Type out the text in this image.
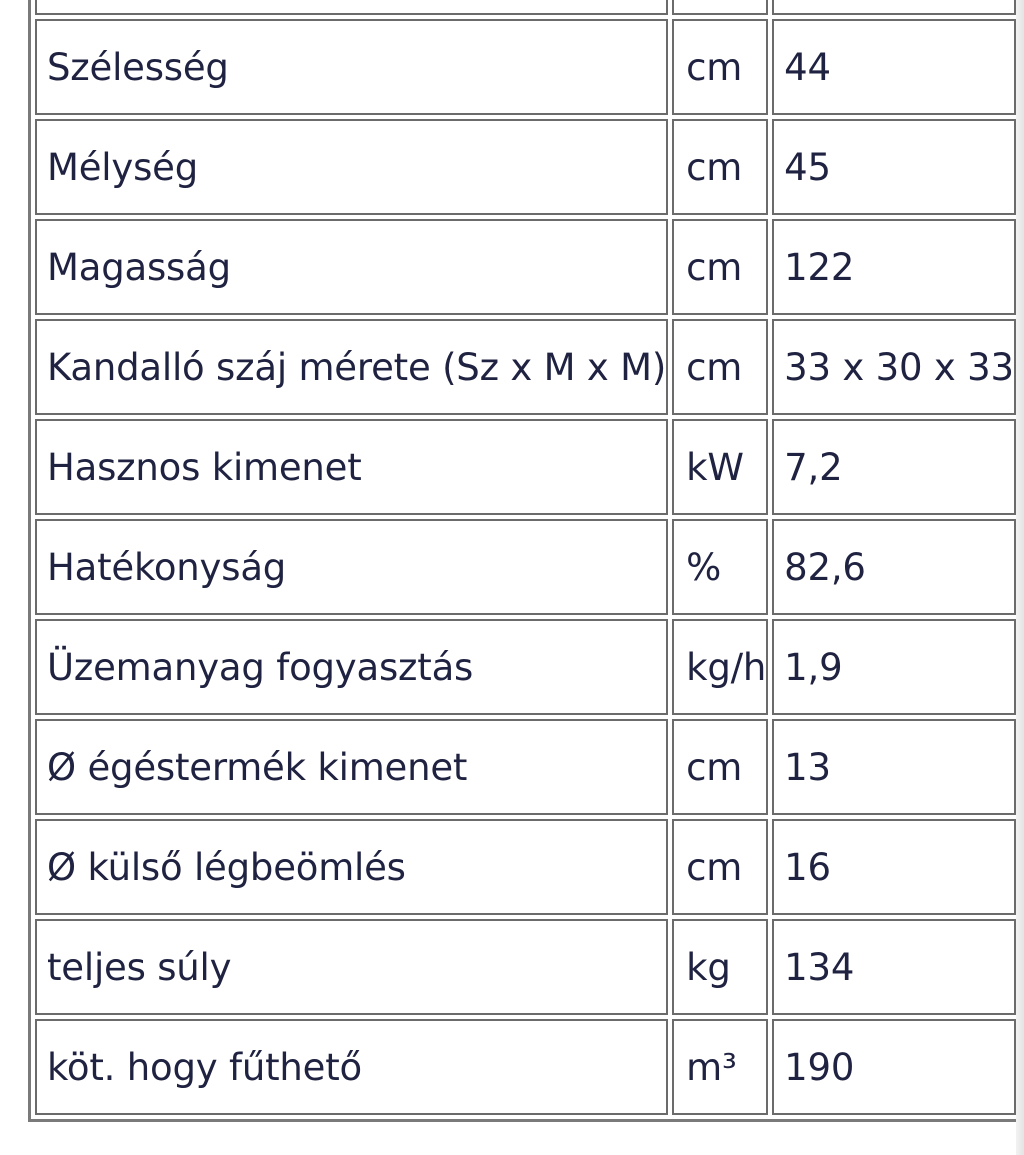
Szélesség	cm	44
Mélység	cm	45
Magasság	cm	122
Kandalló száj mérete (Sz x M x M)	cm	33 x 30 x 33
Hasznos kimenet	kW	7,2
Hatékonyság	%	82,6
Üzemanyag fogyasztás	kg/h	1,9
Ø égéstermék kimenet	cm	13
Ø külső légbeömlés	cm	16
teljes súly	kg	134
köt. hogy fűthető	m³	190
